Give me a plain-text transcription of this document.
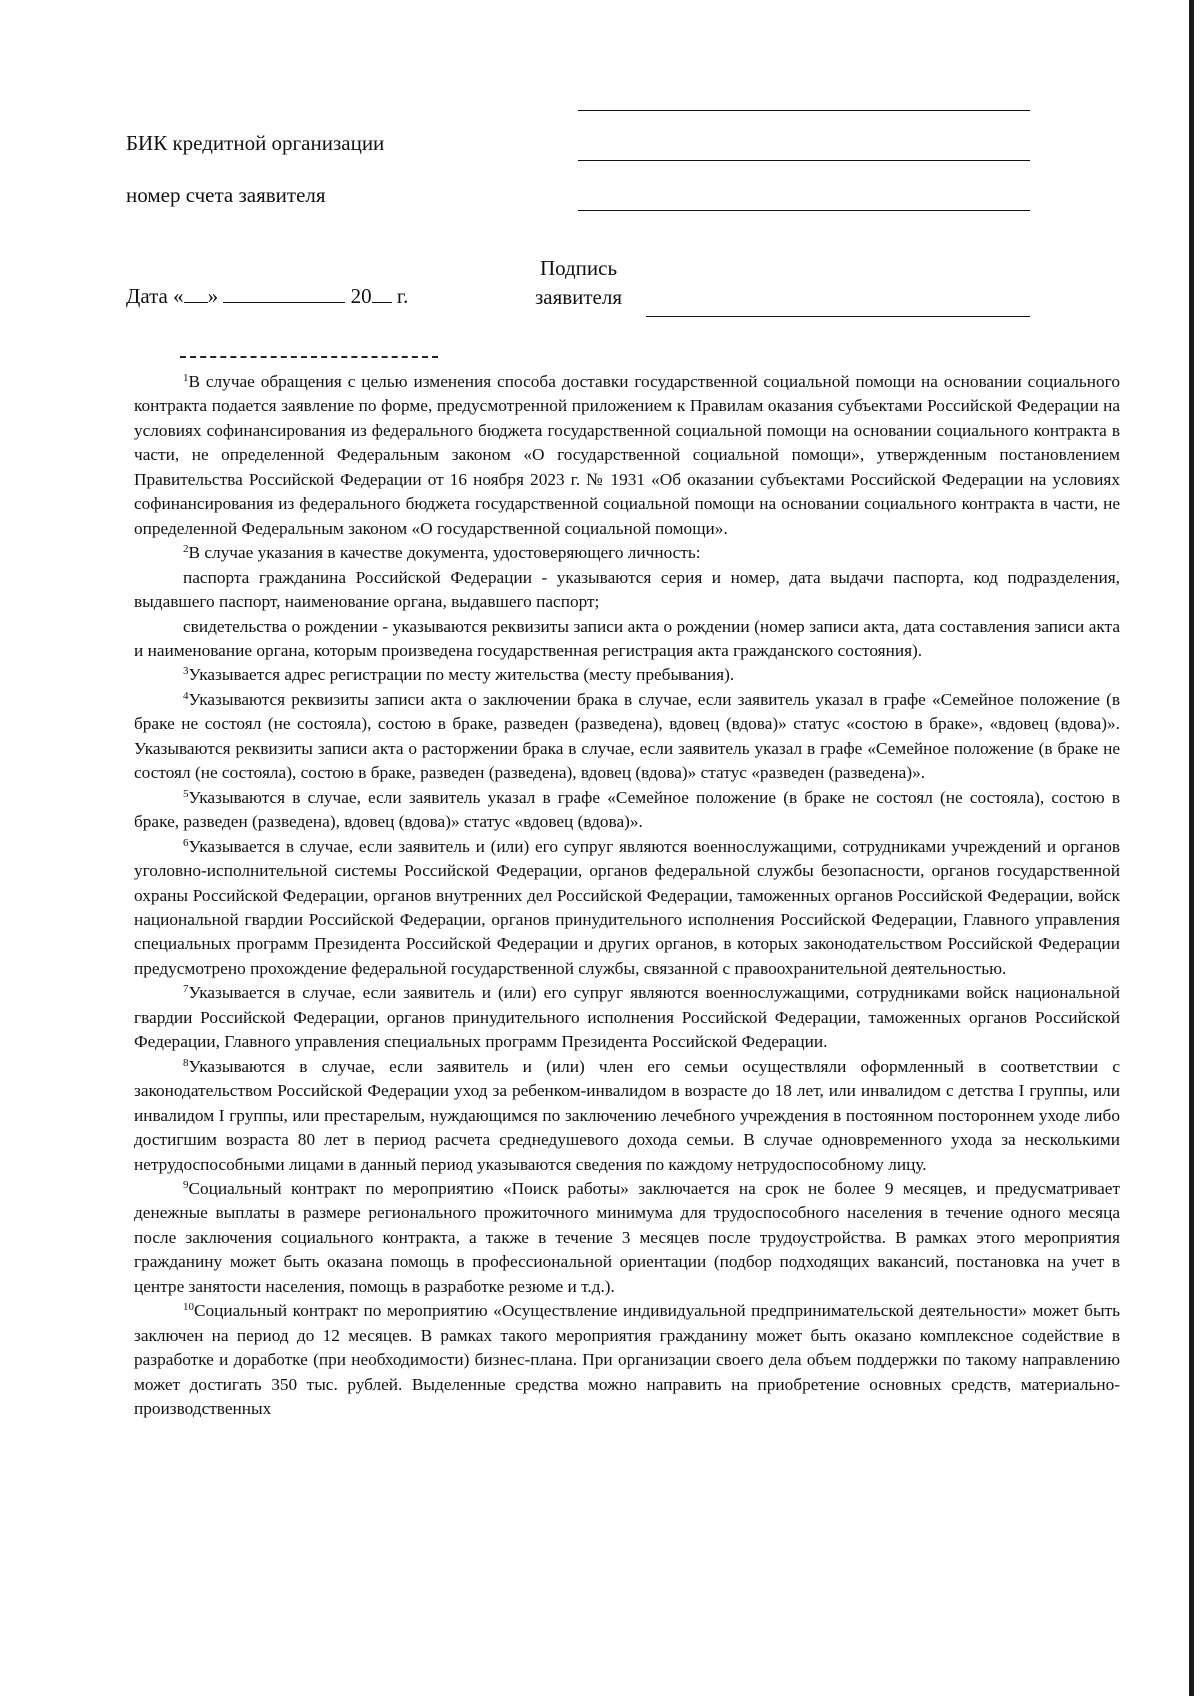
БИК кредитной организации
номер счета заявителя
Дата « »	20 г.
Подпись
заявителя

$^1$В случае обращения с целью изменения способа доставки государственной социальной помощи на основании социального контракта подается заявление по форме, предусмотренной приложением к Правилам оказания субъектами Российской Федерации на условиях софинансирования из федерального бюджета государственной социальной помощи на основании социального контракта в части, не определенной Федеральным законом «О государственной социальной помощи», утвержденным постановлением Правительства Российской Федерации от 16 ноября 2023 г. № 1931 «Об оказании субъектами Российской Федерации на условиях софинансирования из федерального бюджета государственной социальной помощи на основании социального контракта в части, не определенной Федеральным законом «О государственной социальной помощи».

$^2$В случае указания в качестве документа, удостоверяющего личность:

паспорта гражданина Российской Федерации - указываются серия и номер, дата выдачи паспорта, код подразделения, выдавшего паспорт, наименование органа, выдавшего паспорт;

свидетельства о рождении - указываются реквизиты записи акта о рождении (номер записи акта, дата составления записи акта и наименование органа, которым произведена государственная регистрация акта гражданского состояния).

$^3$Указывается адрес регистрации по месту жительства (месту пребывания).

$^4$Указываются реквизиты записи акта о заключении брака в случае, если заявитель указал в графе «Семейное положение (в браке не состоял (не состояла), состою в браке, разведен (разведена), вдовец (вдова)» статус «состою в браке», «вдовец (вдова)». Указываются реквизиты записи акта о расторжении брака в случае, если заявитель указал в графе «Семейное положение (в браке не состоял (не состояла), состою в браке, разведен (разведена), вдовец (вдова)» статус «разведен (разведена)».

$^5$Указываются в случае, если заявитель указал в графе «Семейное положение (в браке не состоял (не состояла), состою в браке, разведен (разведена), вдовец (вдова)» статус «вдовец (вдова)».

$^6$Указывается в случае, если заявитель и (или) его супруг являются военнослужащими, сотрудниками учреждений и органов уголовно-исполнительной системы Российской Федерации, органов федеральной службы безопасности, органов государственной охраны Российской Федерации, органов внутренних дел Российской Федерации, таможенных органов Российской Федерации, войск национальной гвардии Российской Федерации, органов принудительного исполнения Российской Федерации, Главного управления специальных программ Президента Российской Федерации и других органов, в которых законодательством Российской Федерации предусмотрено прохождение федеральной государственной службы, связанной с правоохранительной деятельностью.

$^7$Указывается в случае, если заявитель и (или) его супруг являются военнослужащими, сотрудниками войск национальной гвардии Российской Федерации, органов принудительного исполнения Российской Федерации, таможенных органов Российской Федерации, Главного управления специальных программ Президента Российской Федерации.

$^8$Указываются в случае, если заявитель и (или) член его семьи осуществляли оформленный в соответствии с законодательством Российской Федерации уход за ребенком-инвалидом в возрасте до 18 лет, или инвалидом с детства I группы, или инвалидом I группы, или престарелым, нуждающимся по заключению лечебного учреждения в постоянном постороннем уходе либо достигшим возраста 80 лет в период расчета среднедушевого дохода семьи. В случае одновременного ухода за несколькими нетрудоспособными лицами в данный период указываются сведения по каждому нетрудоспособному лицу.

$^9$Социальный контракт по мероприятию «Поиск работы» заключается на срок не более 9 месяцев, и предусматривает денежные выплаты в размере регионального прожиточного минимума для трудоспособного населения в течение одного месяца после заключения социального контракта, а также в течение 3 месяцев после трудоустройства. В рамках этого мероприятия гражданину может быть оказана помощь в профессиональной ориентации (подбор подходящих вакансий, постановка на учет в центре занятости населения, помощь в разработке резюме и т.д.).

$^{10}$Социальный контракт по мероприятию «Осуществление индивидуальной предпринимательской деятельности» может быть заключен на период до 12 месяцев. В рамках такого мероприятия гражданину может быть оказано комплексное содействие в разработке и доработке (при необходимости) бизнес-плана. При организации своего дела объем поддержки по такому направлению может достигать 350 тыс. рублей. Выделенные средства можно направить на приобретение основных средств, материально-производственных
